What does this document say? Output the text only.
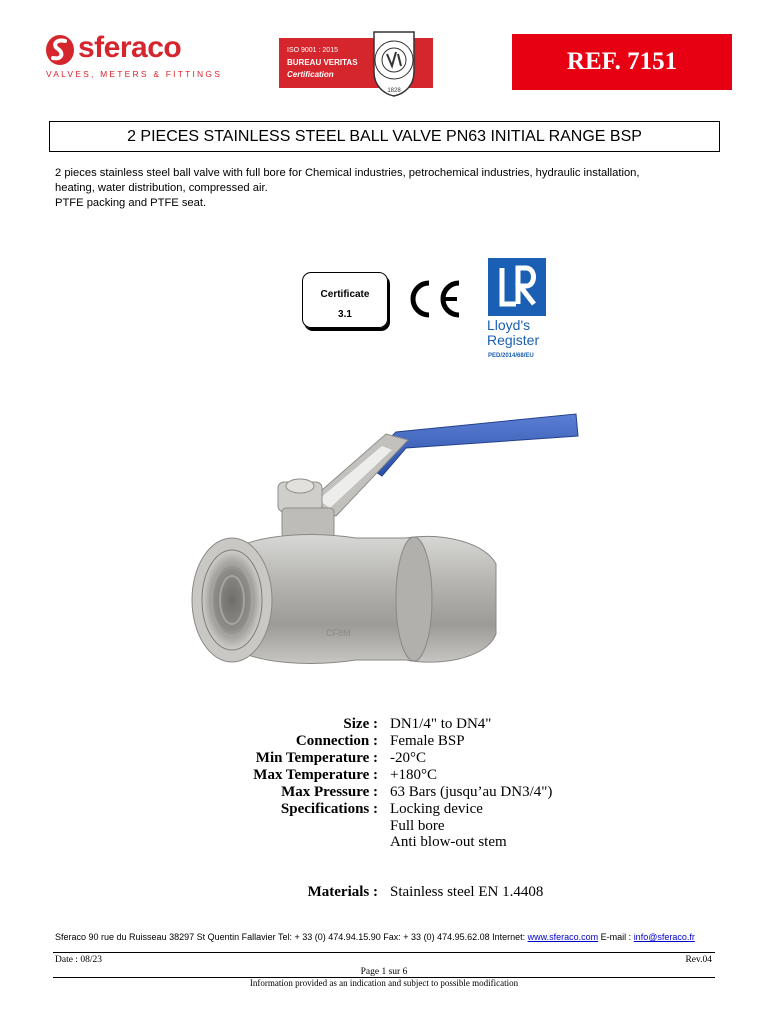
sferaco
VALVES, METERS & FITTINGS
ISO 9001 : 2015
BUREAU VERITAS
Certification
1828
REF. 7151
2 PIECES STAINLESS STEEL BALL VALVE PN63 INITIAL RANGE BSP
2 pieces stainless steel ball valve with full bore for Chemical industries, petrochemical industries, hydraulic installation,
heating, water distribution, compressed air.
PTFE packing and PTFE seat.
Certificate
3.1
Lloyd's
Register
PED/2014/68/EU
CF8M
Size : DN1/4" to DN4"
Connection : Female BSP
Min Temperature : -20°C
Max Temperature : +180°C
Max Pressure : 63 Bars (jusqu’au DN3/4")
Specifications : Locking device
Full bore
Anti blow-out stem
Materials : Stainless steel EN 1.4408
Sferaco 90 rue du Ruisseau 38297 St Quentin Fallavier Tel: + 33 (0) 474.94.15.90 Fax: + 33 (0) 474.95.62.08 Internet: www.sferaco.com E-mail : info@sferaco.fr
Date : 08/23	Rev.04
Page 1 sur 6
Information provided as an indication and subject to possible modification
